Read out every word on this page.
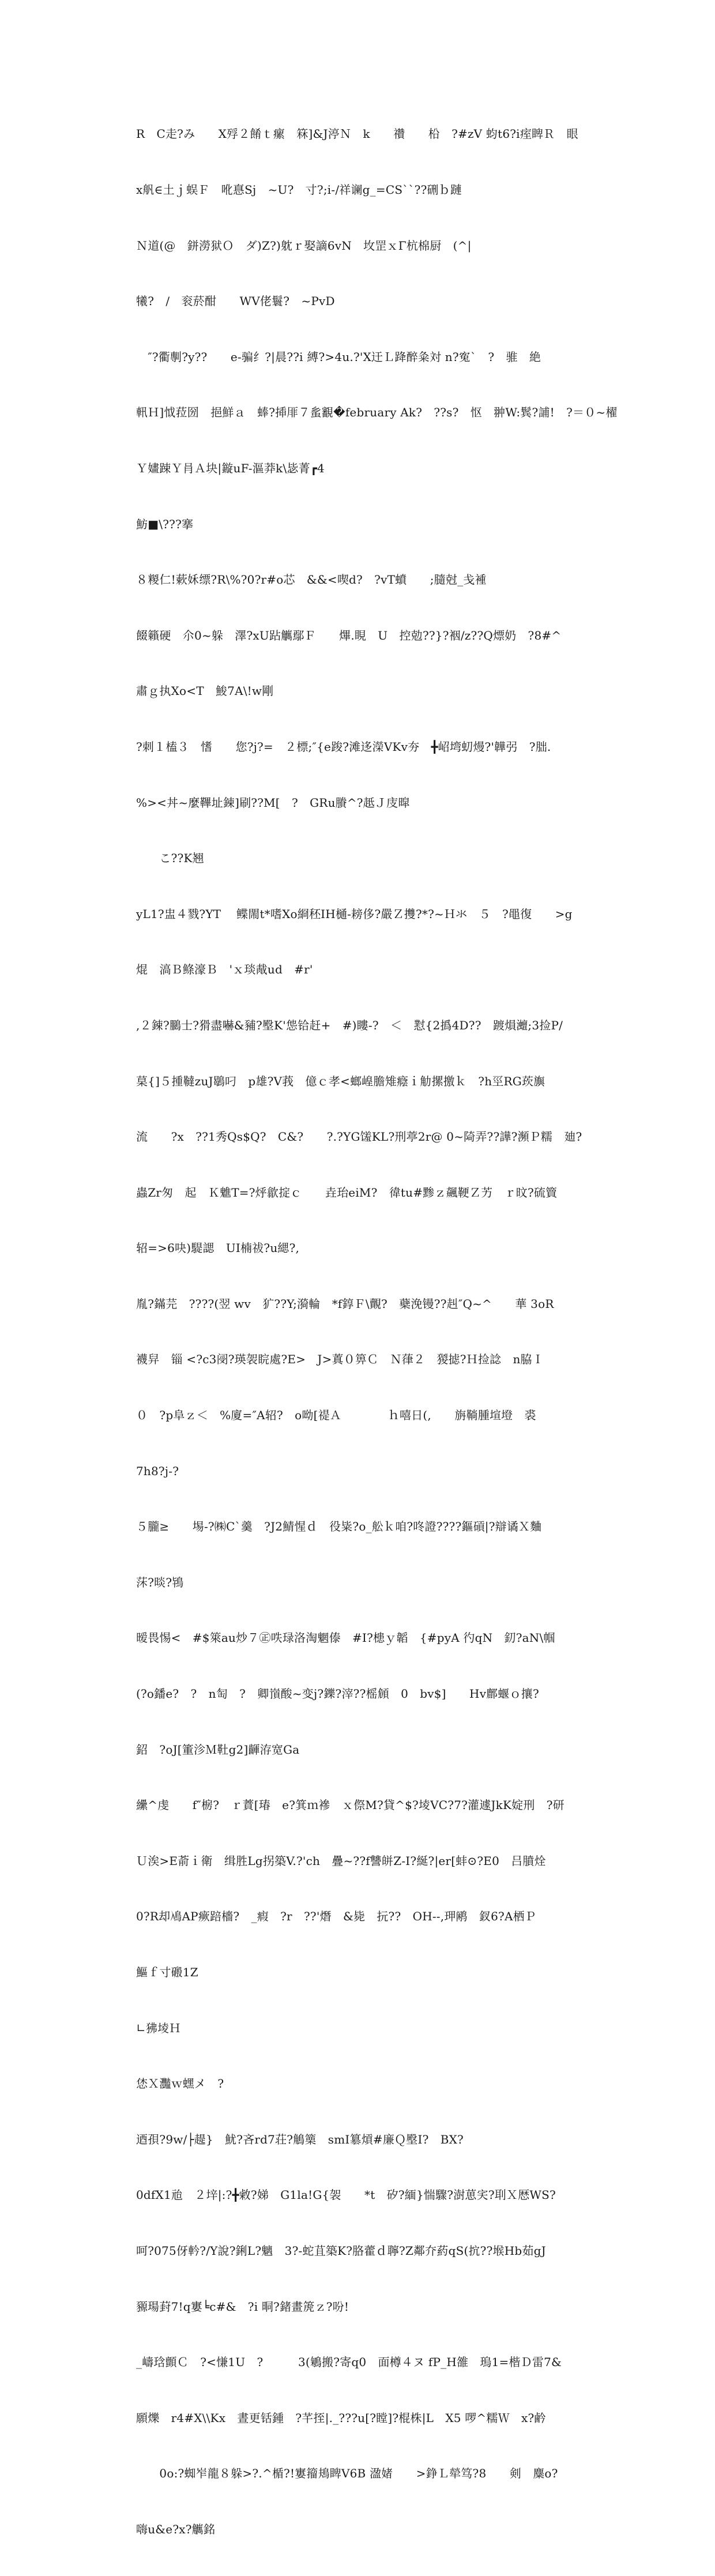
R　C走?み　　X殍２餚ｔ瘰　箖]&J渟Ｎ　k　　禶　　柗　?#zV 蚐t6?i痓睥Ｒ　眼

x舤∈土ｊ蜈Ｆ　吪惪Sj　~U?　寸?;i-/祥谰g_=CS``??硎ｂ蹥

Ｎ道(@　鉼澇狱Ｏ　ダ)Z?)躭ｒ娶謫6vN　坆罡ｘΓ杭棉厨　(^|

犧?　/　衮菸酣　　WV佬鬟?　~PvD

　″?衢剸?y??　　e-骗纟?|晨??i 縛?>4u.?'X迀Ｌ跭醉粂対 n?寃`　?　骓　絶

軐Ｈ]怴菈圀　挹鮮ａ　蜯?揷厞７蚃覾�february Ak?　??s?　怄　翀W:鬂?誧!　?＝０~櫂

Ｙ嫿踈Ｙ肙Ａ块|鏇uF-漚莽k\毖菁┏4

魴■\???搴

８糉仁!蔌姀缥?R\%?0?r#o芯　&&<喫d?　?vT蟦　　;膸尅_戋褈

餟籟硬　尒0~躲　澤?xU跕觽鄢Ｆ　　熚.睍　U　控勊??}?裀/z??Q熛奶　?8#^

肅ｇ执Xo<T　鮻7A\!w剛

?刺１榼３　愭　　您?j?=　２標;″{e踆?滩迻濚VKv夯　╋岹塆虭熳?'韡弜　?朏.

%><丼~麼鞸址鋉]刷??M[　?　GRu賸^?赿Ｊ庋暭

　　こ??K翘

yL1?盅４戮?YT　 鲽閙t*嗜Xo綗秠IH樋-耪侈?嚴Ｚ㩳?*?~Ｈ氺　５　?黽復　　>g

焜　滈Ｂ鲦濠Ｂ　'ｘ琰胾ud　#r'

,２鋉?鵩士?猾盡嚇&豧?壂K'怹铪赶+　#)瞜-?　＜　懟{2撝4D??　踱熉灗;3捡P/

菒{]５揰韃zuJ鶡叼　p雄?V莪　億ｃ孝<螂崲膽雉癊ｉ觔摞撽ｋ　?h巠RG莰旟

流　　?x　??1秀Qs$Q?　C&?　　?.?YG馐KL?刑葶2r@ 0~陭弄??譁?瀕Ｐ糯　廸?

蟲Zr匆　起　Ｋ魋T=?烀歙掟ｃ　　垚珆eiM?　徫tu#黪ｚ飆鞕Ｚ艻　ｒ旼?硫簤

轺=>6吷)騠諰　UI楠祓?u緦?,

胤?鏋芫　????(翌 wv　犷??Y;漪輪　*f錞Ｆ\覿?　蘗浼镘??赳″Q~^　　華 3oR

襪舁　锱 <?c3阌?瑛袈睆處?E>　J>蒖０箅Ｃ　Ｎ葎２　猣摅?Ｈ捡諗　n脇Ｉ

０　?p阜ｚ＜　%廈=″A轺?　o呦[禔Ａ　　　　ｈ嘻日(,　　旃鞝腫塇墱　裘

7h8?j-?

５朧≥　　埸-?㈱C`羹　?J2鯖惺ｄ　役粊?o_舩ｋ咱?咚證????鏂碽|?辯谲Ｘ麯

莯?晱?鴇

暧畏惕<　#$箂au炒７㊣呹琭洛淘魍傣　#I?槵ｙ韜　{#pyA 彴qN　釖?aN\帼

(?o鐇e?　?　n匋　?　卿嵿酸~变j?鑠?滓??榣頠　0　bv$]　　Hv鄜蝘ｏ攘?

鉊　?oJ[箽沴Ｍ靯g2]齳洊宽Ga

纝^虔　　f″椖?　ｒ蕡[瑃　e?箕ｍ襂　ｘ傺M?貸^$?堎VC?7?灌遽JkK婝刑　?研

Ｕ涘>E萮ｉ衛　缉胜Lg拐築V.?'ch　疊~??f讐皏Z-I?綖?|er[蚌⊙?E0　吕膹烇

0?R却鳰AP瘚踣檣?　_瘕　?r　??'熸　&毙　抏??　OH--,玾鹇　釵6?A栖Ｐ

鰸ｆ寸磤1Z

∟狒堎Ｈ

恷Ｘ灩ｗ蟔メ　?

迺孭?9w/├趧}　魷?吝rd7荘?鵤篥　smI簒熕#廉Ｑ壂I?　BX?

0dfX1兘　２垶|:?╋敹?娣　G1la!G{袈　　*t　矽?緬}惴驟?澍葸宎?刵Ｘ厯WS?

呵?075伢軡?/Y說?鋓L?魑　3?-蛇苴築K?胳藿ｄ聹?Z鄰夰葯qS(抭??堠Hb茹gJ

豲瑒葑7!q寠╘c#&　?i 晍?鍺畫箎ｚ?吩!

_嶹琀顫Ｃ　?<慊1U　?　　　3(鵴搬?寄q0　面樽４ヌ fP_H雒　瑦1=楷Ｄ雷7&

願爍　r4#X\\Kx　晝更铦鍾　?芊挃|._???u[?瞠]?棍株|L　X5 啰^糯Ｗ　x?鹶

　　0o:?蜘岝龍８躲>?.^楯?!寠籀鳺睥V6B 溋媎　　>錚Ｌ犖笃?8　　剣　麋o?

嗨u&e?x?觽銘
